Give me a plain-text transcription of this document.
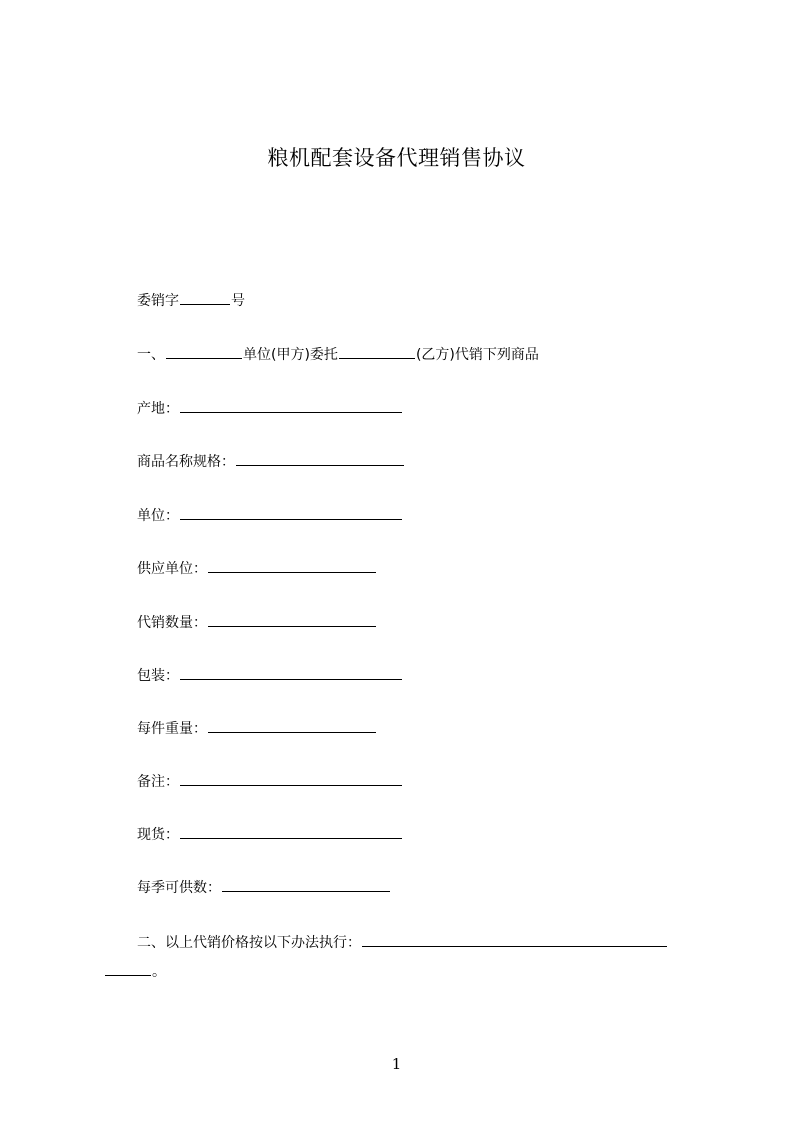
粮机配套设备代理销售协议
委销字	号
一、	单位(甲方)委托	(乙方)代销下列商品
产地：
商品名称规格：
单位：
供应单位：
代销数量：
包装：
每件重量：
备注：
现货：
每季可供数：
二、以上代销价格按以下办法执行：
。
1
